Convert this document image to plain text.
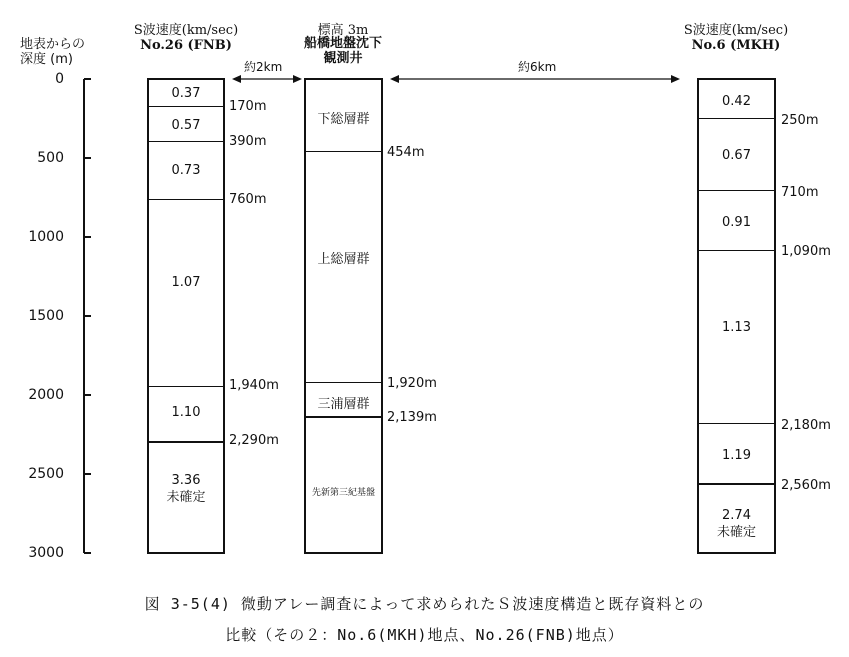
地表からの
深度 (m)
0
500
1000
1500
2000
2500
3000
S波速度(km/sec)
No.26 (FNB)
約2km
0.37
0.57
0.73
1.07
1.10
3.36
未確定
170m
390m
760m
1,940m
2,290m
標高 3m
船橋地盤沈下
観測井
下総層群
上総層群
三浦層群
先新第三紀基盤
454m
1,920m
2,139m
約6km
S波速度(km/sec)
No.6 (MKH)
0.42
0.67
0.91
1.13
1.19
2.74
未確定
250m
710m
1,090m
2,180m
2,560m
図 3-5(4) 微動アレー調査によって求められたＳ波速度構造と既存資料との
比較（その２：No.6(MKH)地点、No.26(FNB)地点）
